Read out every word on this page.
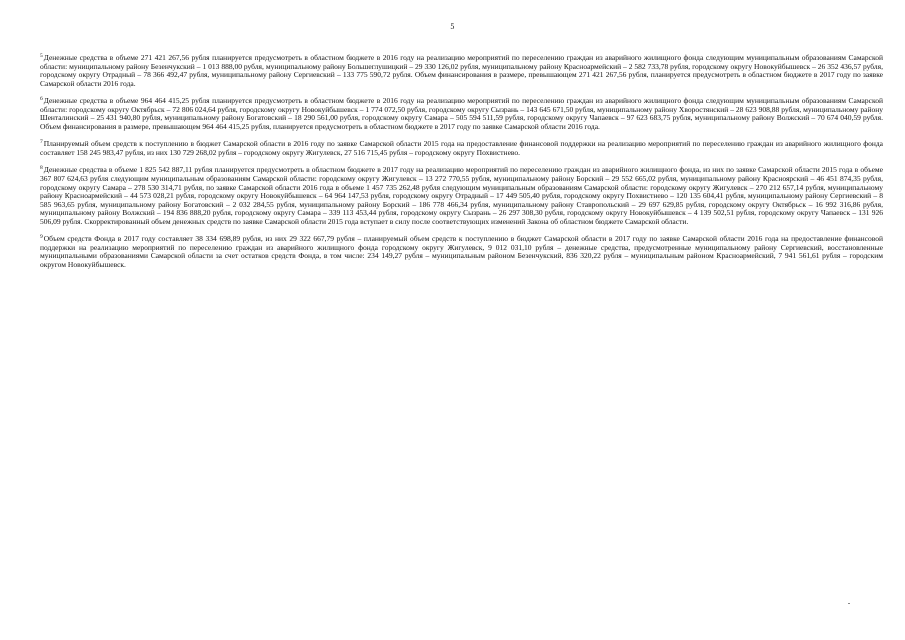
5

$^5$Денежные средства в объеме 271 421 267,56 рубля планируется предусмотреть в областном бюджете в 2016 году на реализацию мероприятий по переселению граждан из аварийного жилищного фонда следующим муниципальным образованиям Самарской области: муниципальному району Безенчукский – 1 013 888,00 рубля, муниципальному району Большеглушицкий – 29 330 126,02 рубля, муниципальному району Красноармейский – 2 582 733,78 рубля, городскому округу Новокуйбышевск – 26 352 436,57 рубля, городскому округу Отрадный – 78 366 492,47 рубля, муниципальному району Сергиевский – 133 775 590,72 рубля. Объем финансирования в размере, превышающем 271 421 267,56 рубля, планируется предусмотреть в областном бюджете в 2017 году по заявке Самарской области 2016 года.

$^6$Денежные средства в объеме 964 464 415,25 рубля планируется предусмотреть в областном бюджете в 2016 году на реализацию мероприятий по переселению граждан из аварийного жилищного фонда следующим муниципальным образованиям Самарской области: городскому округу Октябрьск – 72 806 024,64 рубля, городскому округу Новокуйбышевск – 1 774 072,50 рубля, городскому округу Сызрань – 143 645 671,50 рубля, муниципальному району Хворостянский – 28 623 908,88 рубля, муниципальному району Шенталинский – 25 431 940,80 рубля, муниципальному району Богатовский – 18 290 561,00 рубля, городскому округу Самара – 505 594 511,59 рубля, городскому округу Чапаевск – 97 623 683,75 рубля, муниципальному району Волжский – 70 674 040,59 рубля. Объем финансирования в размере, превышающем 964 464 415,25 рубля, планируется предусмотреть в областном бюджете в 2017 году по заявке Самарской области 2016 года.

$^7$Планируемый объем средств к поступлению в бюджет Самарской области в 2016 году по заявке Самарской области 2015 года на предоставление финансовой поддержки на реализацию мероприятий по переселению граждан из аварийного жилищного фонда составляет 158 245 983,47 рубля, из них 130 729 268,02 рубля – городскому округу Жигулевск, 27 516 715,45 рубля – городскому округу Похвистнево.

$^8$Денежные средства в объеме 1 825 542 887,11 рубля планируется предусмотреть в областном бюджете в 2017 году на реализацию мероприятий по переселению граждан из аварийного жилищного фонда, из них по заявке Самарской области 2015 года в объеме 367 807 624,63 рубля следующим муниципальным образованиям Самарской области: городскому округу Жигулевск – 13 272 770,55 рубля, муниципальному району Борский – 29 552 665,02 рубля, муниципальному району Красноярский – 46 451 874,35 рубля, городскому округу Самара – 278 530 314,71 рубля, по заявке Самарской области 2016 года в объеме 1 457 735 262,48 рубля следующим муниципальным образованиям Самарской области: городскому округу Жигулевск – 270 212 657,14 рубля, муниципальному району Красноармейский – 44 573 028,21 рубля, городскому округу Новокуйбышевск – 64 964 147,53 рубля, городскому округу Отрадный – 17 449 505,40 рубля, городскому округу Похвистнево – 120 135 604,41 рубля, муниципальному району Сергиевский – 8 585 963,65 рубля, муниципальному району Богатовский – 2 032 284,55 рубля, муниципальному району Борский – 186 778 466,34 рубля, муниципальному району Ставропольский – 29 697 629,85 рубля, городскому округу Октябрьск – 16 992 316,86 рубля, муниципальному району Волжский – 194 836 888,20 рубля, городскому округу Самара – 339 113 453,44 рубля, городскому округу Сызрань – 26 297 308,30 рубля, городскому округу Новокуйбышевск – 4 139 502,51 рубля, городскому округу Чапаевск – 131 926 506,09 рубля. Скорректированный объем денежных средств по заявке Самарской области 2015 года вступает в силу после соответствующих изменений Закона об областном бюджете Самарской области.

$^9$Объем средств Фонда в 2017 году составляет 38 334 698,89 рубля, из них 29 322 667,79 рубля – планируемый объем средств к поступлению в бюджет Самарской области в 2017 году по заявке Самарской области 2016 года на предоставление финансовой поддержки на реализацию мероприятий по переселению граждан из аварийного жилищного фонда городскому округу Жигулевск, 9 012 031,10 рубля – денежные средства, предусмотренные муниципальному району Сергиевский, восстановленные муниципальными образованиями Самарской области за счет остатков средств Фонда, в том числе: 234 149,27 рубля – муниципальным районом Безенчукский, 836 320,22 рубля – муниципальным районом Красноармейский, 7 941 561,61 рубля – городским округом Новокуйбышевск.
